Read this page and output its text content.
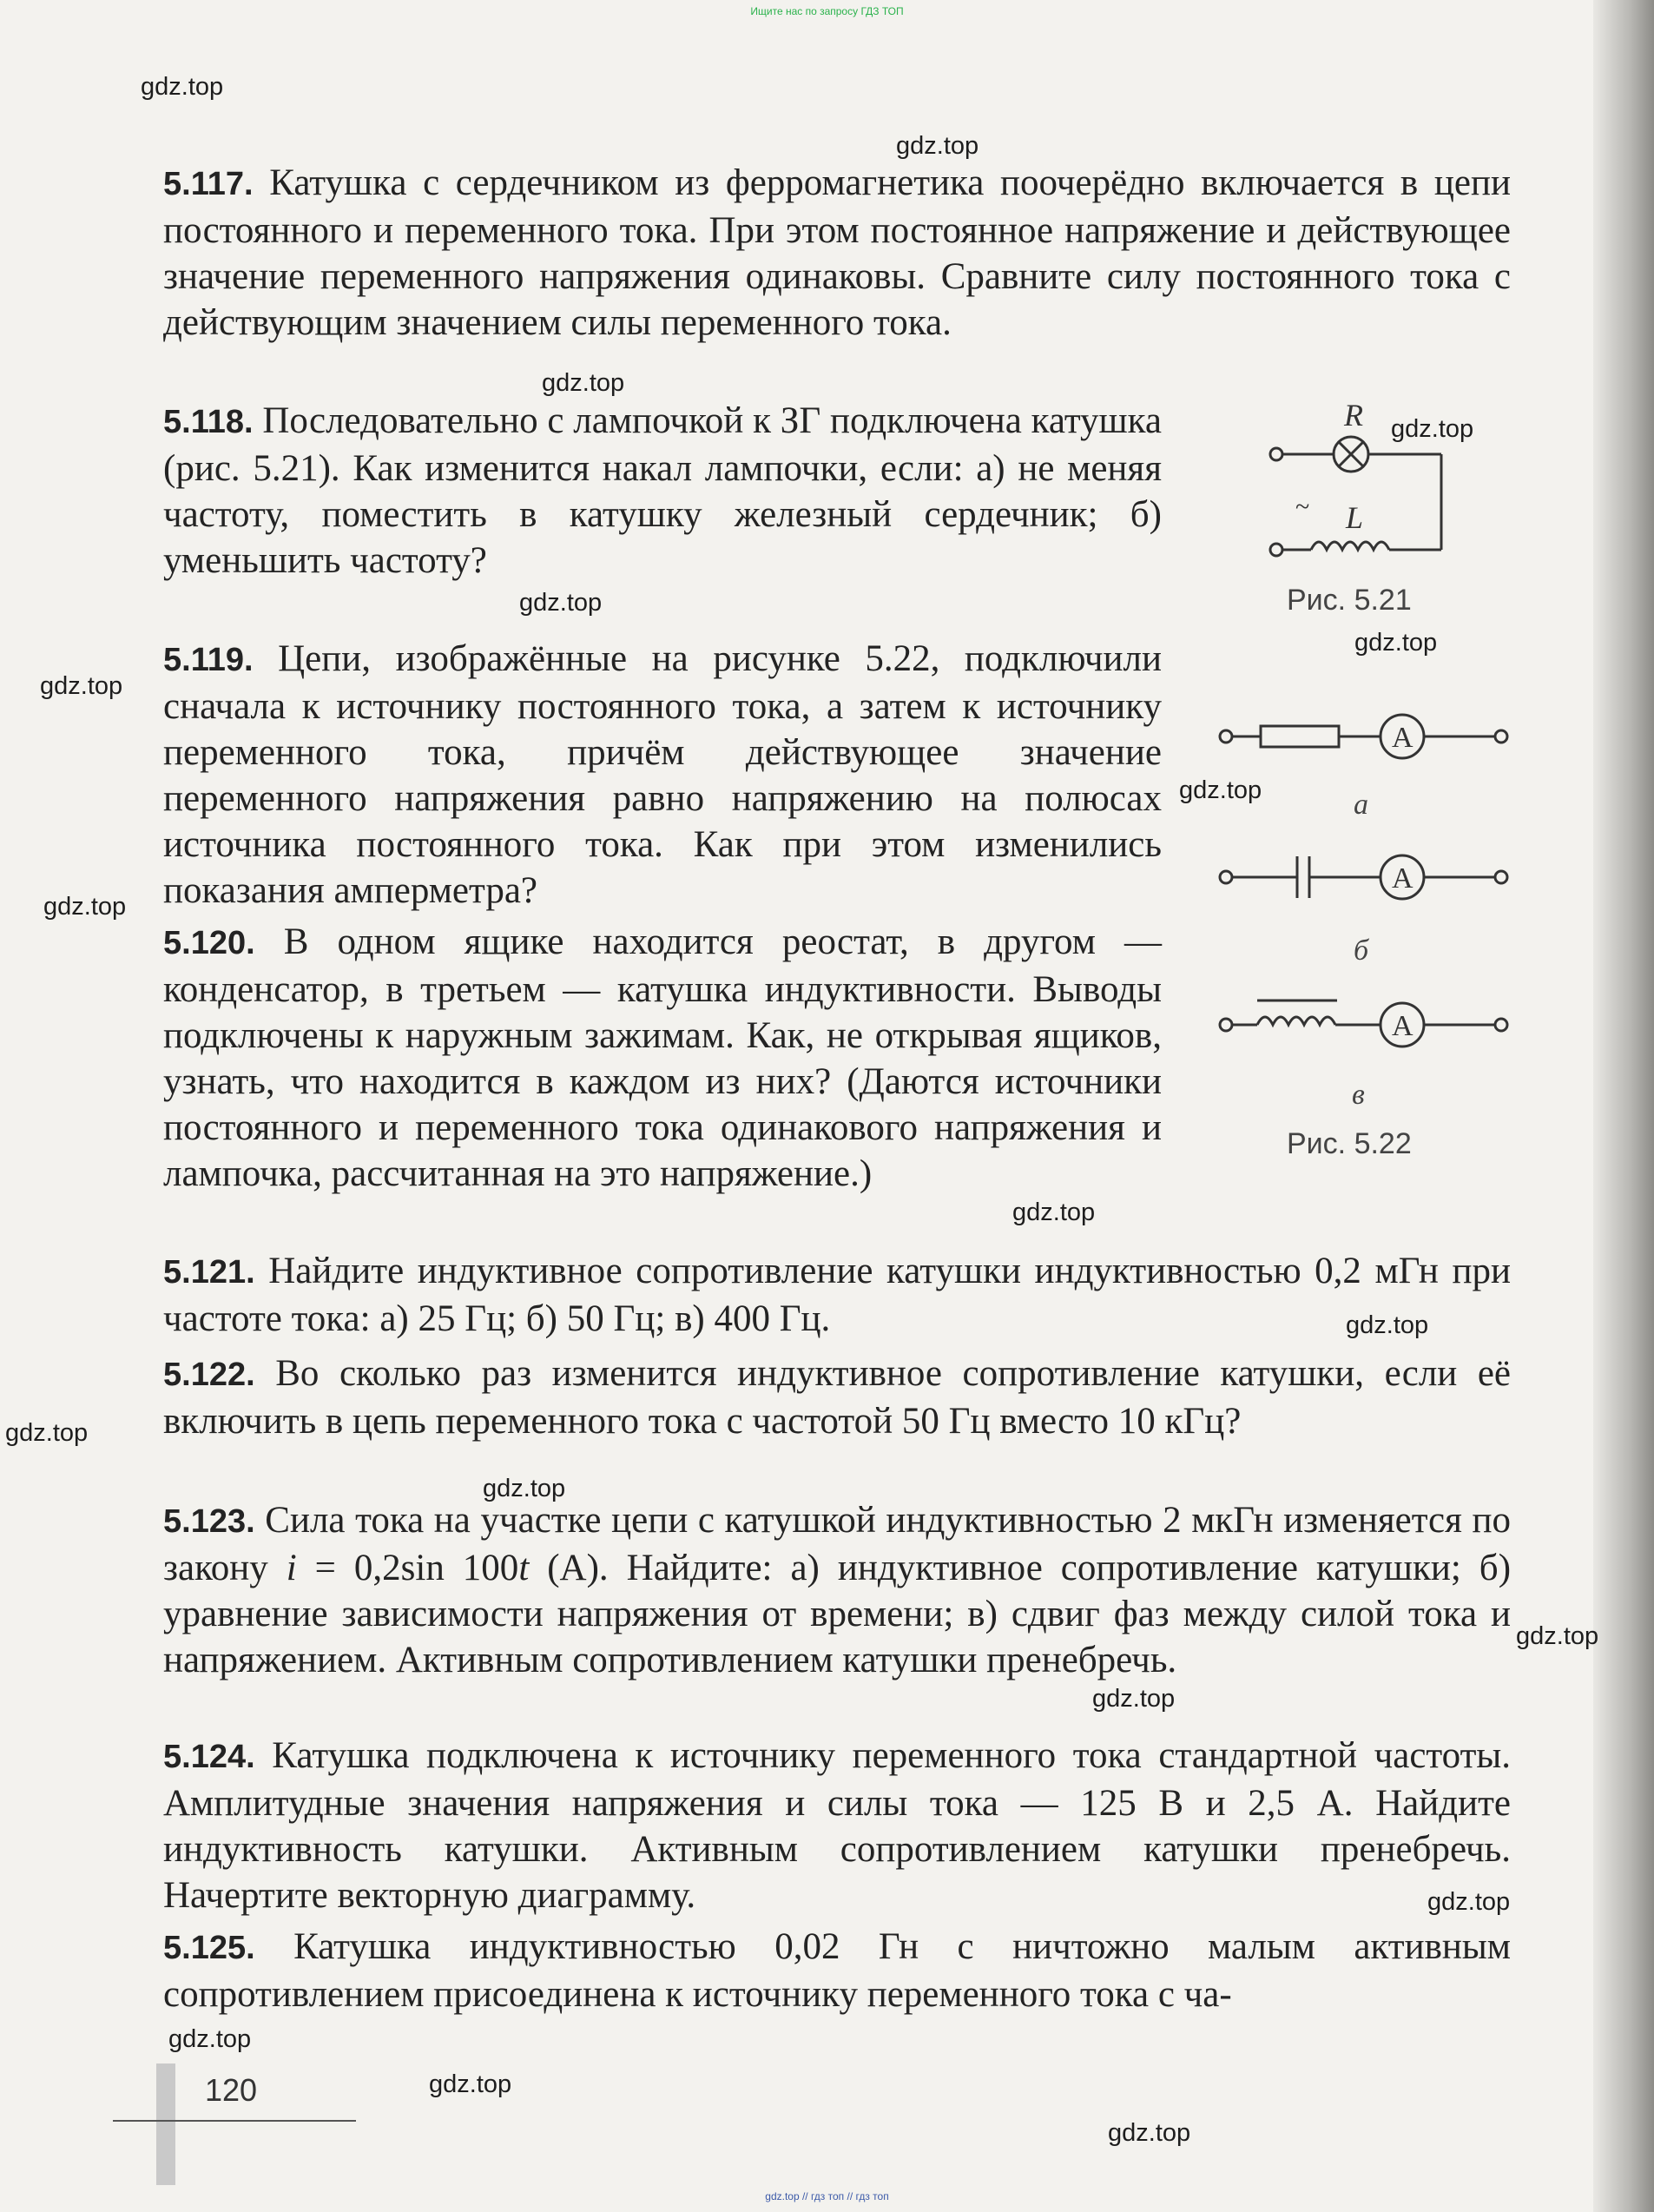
Ищите нас по запросу ГДЗ ТОП
gdz.top
gdz.top
gdz.top
gdz.top
gdz.top
gdz.top
gdz.top
gdz.top
gdz.top
gdz.top
gdz.top
gdz.top
gdz.top
gdz.top
gdz.top
gdz.top
gdz.top
gdz.top
gdz.top

5.117. Катушка с сердечником из ферромагнетика поочерёдно включается в цепи постоянного и переменного тока. При этом постоянное напряжение и действующее значение переменного напряжения одинаковы. Сравните силу постоянного тока с действующим значением силы переменного тока.

5.118. Последовательно с лампочкой к ЗГ подключена катушка (рис. 5.21). Как изменится накал лампочки, если: а) не меняя частоту, поместить в катушку железный сердечник; б) уменьшить частоту?

5.119. Цепи, изображённые на рисунке 5.22, подключили сначала к источнику постоянного тока, а затем к источнику переменного тока, причём действующее значение переменного напряжения равно напряжению на полюсах источника постоянного тока. Как при этом изменились показания амперметра?

5.120. В одном ящике находится реостат, в другом — конденсатор, в третьем — катушка индуктивности. Выводы подключены к наружным зажимам. Как, не открывая ящиков, узнать, что находится в каждом из них? (Даются источники постоянного и переменного тока одинакового напряжения и лампочка, рассчитанная на это напряжение.)

5.121. Найдите индуктивное сопротивление катушки индуктивностью 0,2 мГн при частоте тока: а) 25 Гц; б) 50 Гц; в) 400 Гц.

5.122. Во сколько раз изменится индуктивное сопротивление катушки, если её включить в цепь переменного тока с частотой 50 Гц вместо 10 кГц?

5.123. Сила тока на участке цепи с катушкой индуктивностью 2 мкГн изменяется по закону i = 0,2sin 100t (А). Найдите: а) индуктивное сопротивление катушки; б) уравнение зависимости напряжения от времени; в) сдвиг фаз между силой тока и напряжением. Активным сопротивлением катушки пренебречь.

5.124. Катушка подключена к источнику переменного тока стандартной частоты. Амплитудные значения напряжения и силы тока — 125 В и 2,5 А. Найдите индуктивность катушки. Активным сопротивлением катушки пренебречь. Начертите векторную диаграмму.

5.125. Катушка индуктивностью 0,02 Гн с ничтожно малым активным сопротивлением присоединена к источнику переменного тока с ча-

~
R
L
Рис. 5.21
A
A
A
а
б
в
Рис. 5.22
120
gdz.top // гдз топ // гдз топ
